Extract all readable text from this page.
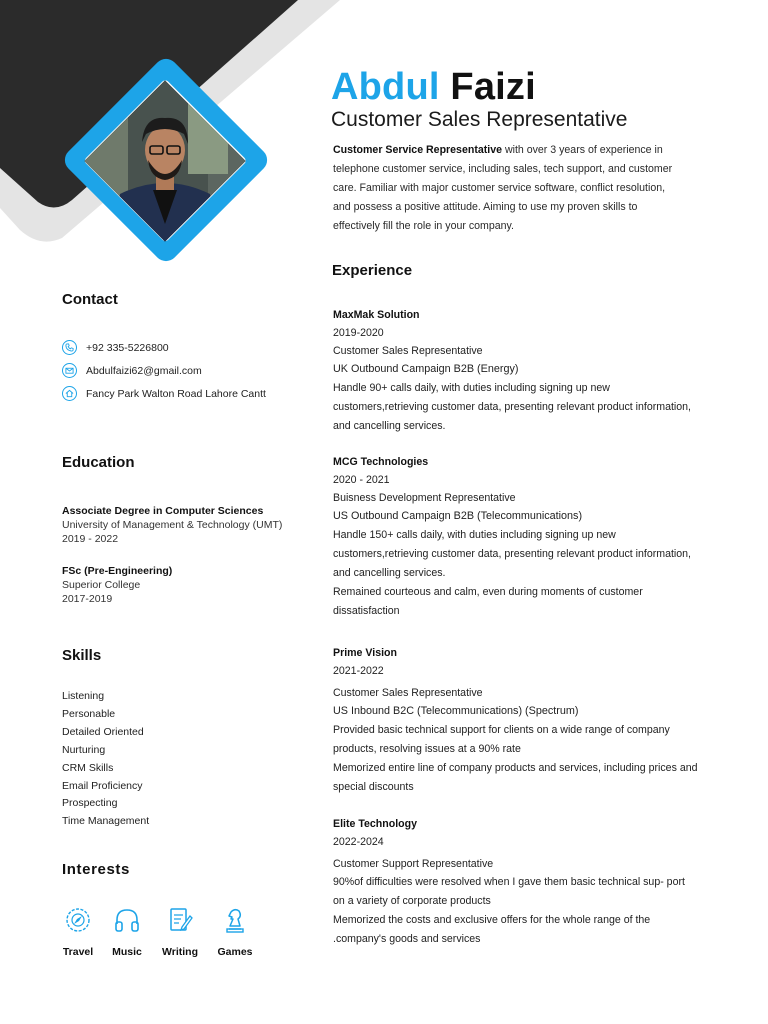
Abdul Faizi
Customer Sales Representative

Customer Service Representative with over 3 years of experience in telephone customer service, including sales, tech support, and customer care. Familiar with major customer service software, conflict resolution, and possess a positive attitude. Aiming to use my proven skills to effectively fill the role in your company.

Contact
+92 335-5226800
Abdulfaizi62@gmail.com
Fancy Park Walton Road Lahore Cantt
Education
Associate Degree in Computer Sciences
University of Management & Technology (UMT)
2019 - 2022
FSc (Pre-Engineering)
Superior College
2017-2019
Skills
Listening
Personable
Detailed Oriented
Nurturing
CRM Skills
Email Proficiency
Prospecting
Time Management
Interests
Travel	Music	Writing	Games
Experience
MaxMak Solution
2019-2020
Customer Sales Representative
UK Outbound Campaign B2B (Energy)
Handle 90+ calls daily, with duties including signing up new customers,retrieving customer data, presenting relevant product information, and cancelling services.
MCG Technologies
2020 - 2021
Buisness Development Representative
US Outbound Campaign B2B (Telecommunications)
Handle 150+ calls daily, with duties including signing up new customers,retrieving customer data, presenting relevant product information, and cancelling services.
Remained courteous and calm, even during moments of customer dissatisfaction
Prime Vision
2021-2022
Customer Sales Representative
US Inbound B2C (Telecommunications) (Spectrum)
Provided basic technical support for clients on a wide range of company products, resolving issues at a 90% rate
Memorized entire line of company products and services, including prices and special discounts
Elite Technology
2022-2024
Customer Support Representative
90%of difficulties were resolved when I gave them basic technical sup- port on a variety of corporate products
Memorized the costs and exclusive offers for the whole range of the .company's goods and services
